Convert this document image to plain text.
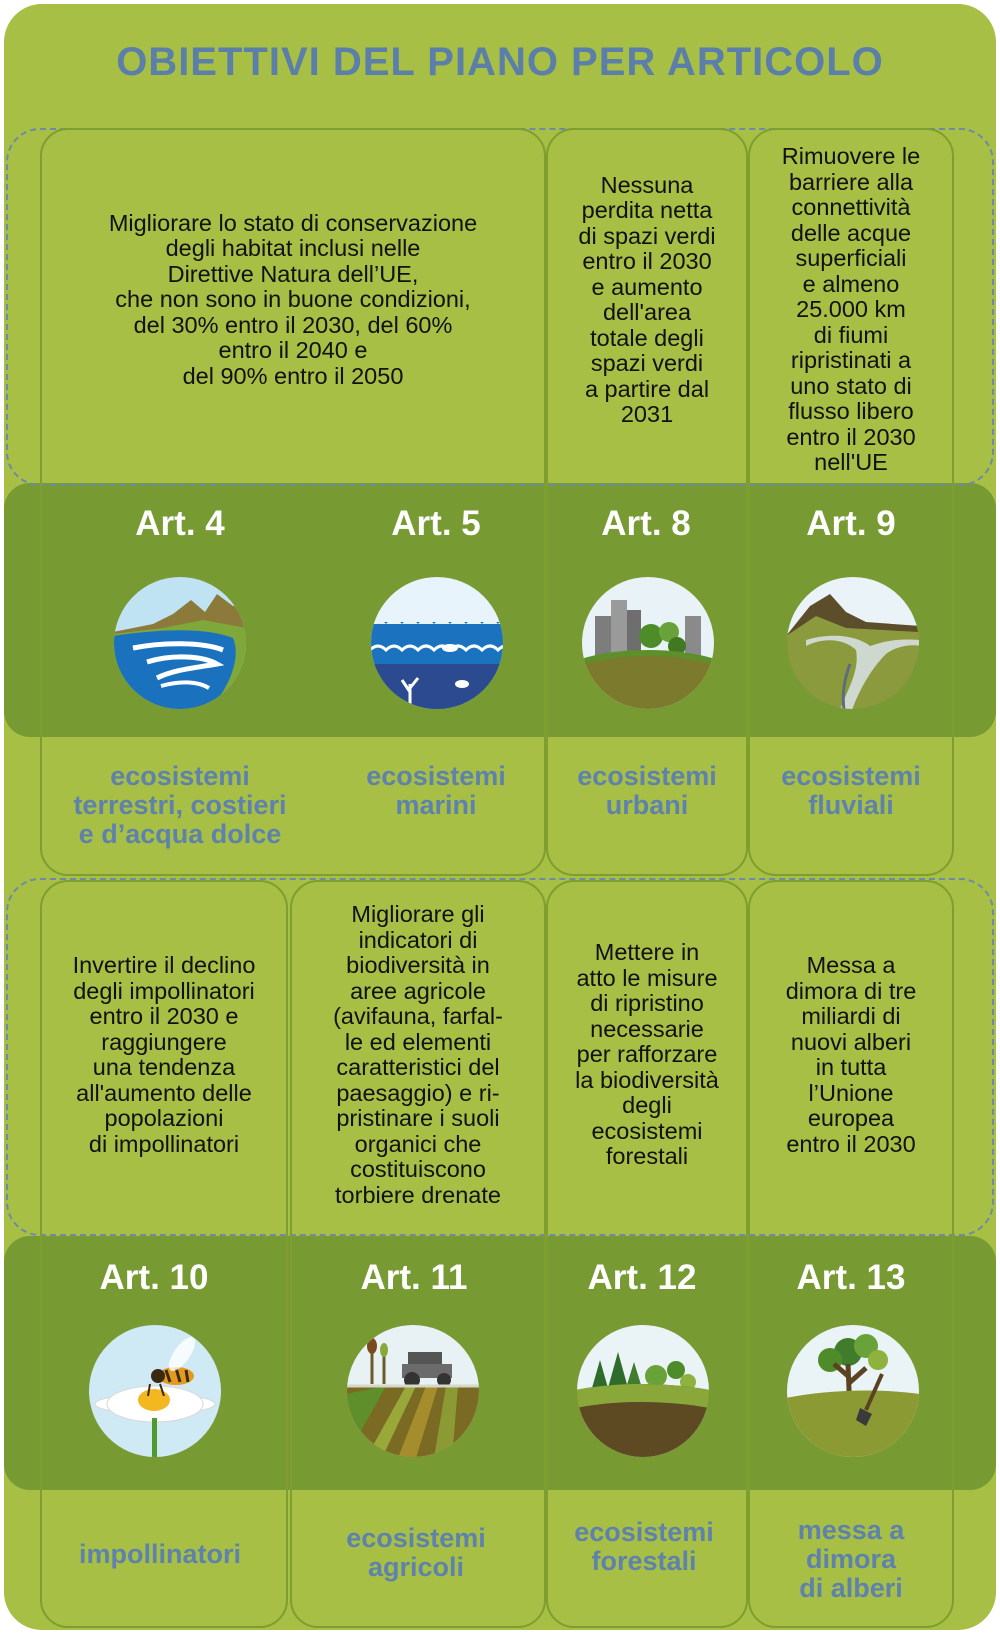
OBIETTIVI DEL PIANO PER ARTICOLO
Migliorare lo stato di conservazione
degli habitat inclusi nelle
Direttive Natura dell’UE,
che non sono in buone condizioni,
del 30% entro il 2030, del 60%
entro il 2040 e
del 90% entro il 2050
Nessuna
perdita netta
di spazi verdi
entro il 2030
e aumento
dell'area
totale degli
spazi verdi
a partire dal
2031
Rimuovere le
barriere alla
connettività
delle acque
superficiali
e almeno
25.000 km
di fiumi
ripristinati a
uno stato di
flusso libero
entro il 2030
nell'UE
Art. 4	Art. 5	Art. 8	Art. 9
ecosistemi
terrestri, costieri
e d’acqua dolce
ecosistemi
marini
ecosistemi
urbani
ecosistemi
fluviali
Invertire il declino
degli impollinatori
entro il 2030 e
raggiungere
una tendenza
all'aumento delle
popolazioni
di impollinatori
Migliorare gli
indicatori di
biodiversità in
aree agricole
(avifauna, farfal-
le ed elementi
caratteristici del
paesaggio) e ri-
pristinare i suoli
organici che
costituiscono
torbiere drenate
Mettere in
atto le misure
di ripristino
necessarie
per rafforzare
la biodiversità
degli
ecosistemi
forestali
Messa a
dimora di tre
miliardi di
nuovi alberi
in tutta
l’Unione
europea
entro il 2030
Art. 10	Art. 11	Art. 12	Art. 13
impollinatori
ecosistemi
agricoli
ecosistemi
forestali
messa a
dimora
di alberi
